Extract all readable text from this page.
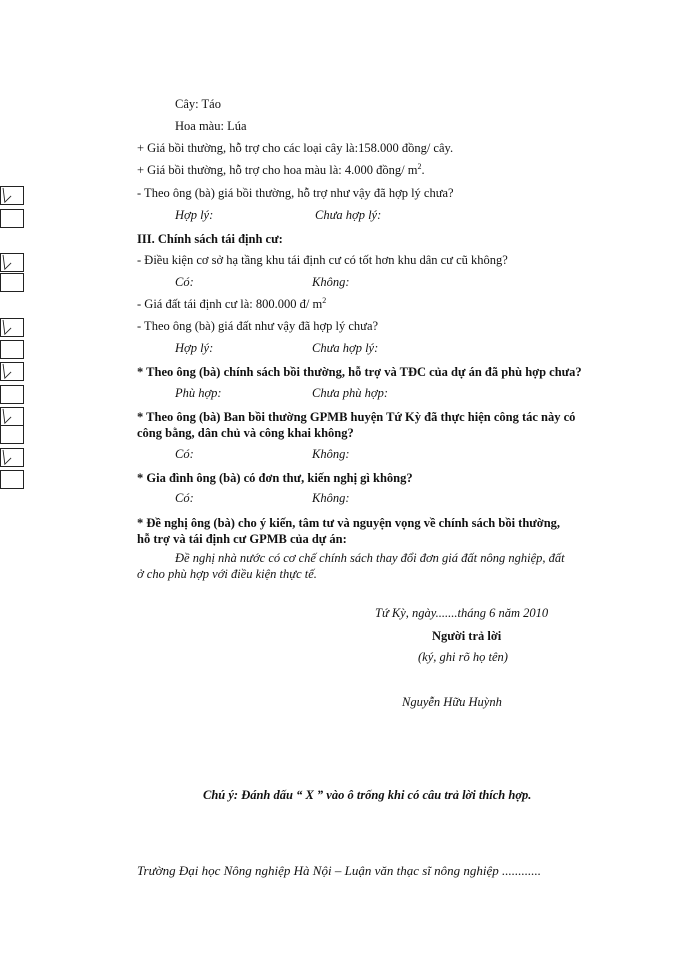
Cây: Táo
Hoa màu: Lúa
+ Giá bồi thường, hỗ trợ cho các loại cây là:158.000 đồng/ cây.
+ Giá bồi thường, hỗ trợ cho hoa màu là: 4.000 đồng/ $m^2$.
- Theo ông (bà) giá bồi thường, hỗ trợ như vậy đã hợp lý chưa?
Hợp lý:	Chưa hợp lý:
III. Chính sách tái định cư:
- Điều kiện cơ sở hạ tầng khu tái định cư có tốt hơn khu dân cư cũ không?
Có:	Không:
- Giá đất tái định cư là: 800.000 đ/ $m^2$
- Theo ông (bà) giá đất như vậy đã hợp lý chưa?
Hợp lý:	Chưa hợp lý:
* Theo ông (bà) chính sách bồi thường, hỗ trợ và TĐC của dự án đã phù hợp chưa?
Phù hợp:	Chưa phù hợp:
* Theo ông (bà) Ban bồi thường GPMB huyện Tứ Kỳ đã thực hiện công tác này có
công bằng, dân chủ và công khai không?
Có:	Không:
* Gia đình ông (bà) có đơn thư, kiến nghị gì không?
Có:	Không:
* Đề nghị ông (bà) cho ý kiến, tâm tư và nguyện vọng về chính sách bồi thường,
hỗ trợ và tái định cư GPMB của dự án:
Đề nghị nhà nước có cơ chế chính sách thay đổi đơn giá đất nông nghiệp, đất
ở cho phù hợp với điều kiện thực tế.
Tứ Kỳ, ngày.......tháng 6 năm 2010
Người trả lời
(ký, ghi rõ họ tên)
Nguyễn Hữu Huỳnh
Chú ý: Đánh dấu “ X ” vào ô trống khi có câu trả lời thích hợp.
Trường Đại học Nông nghiệp Hà Nội – Luận văn thạc sĩ nông nghiệp ............
